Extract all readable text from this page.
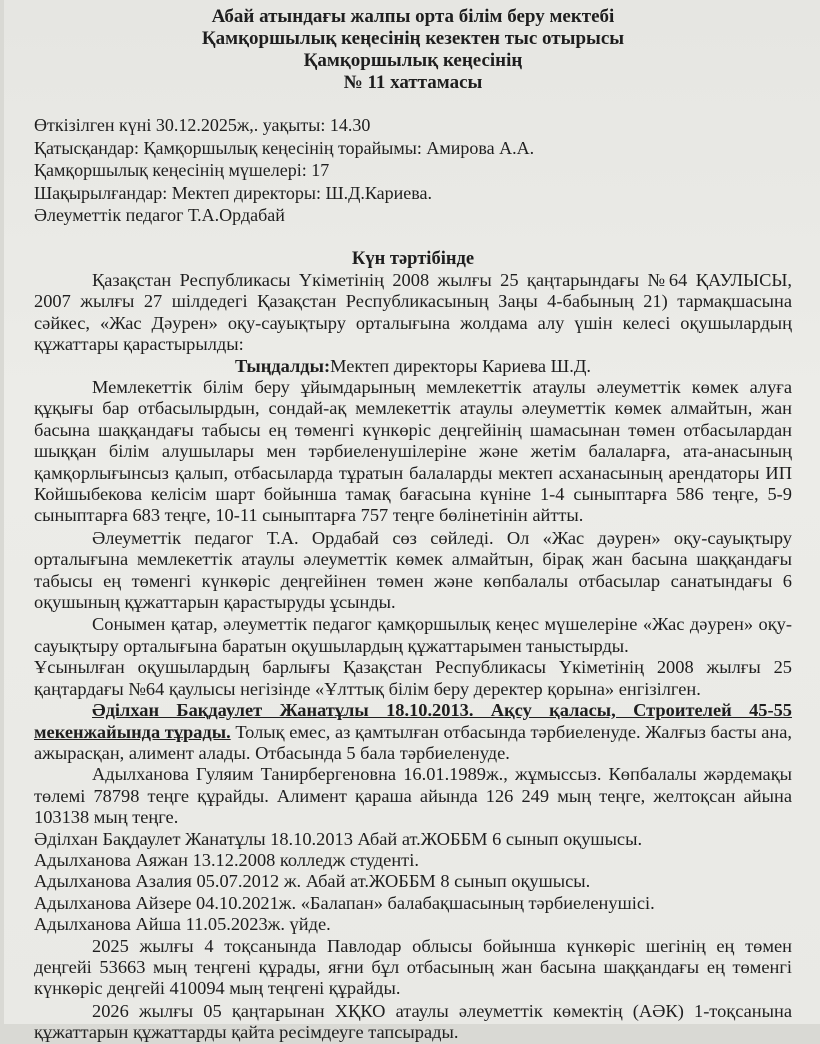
Абай атындағы жалпы орта білім беру мектебі
Қамқоршылық кеңесінің кезектен тыс отырысы
Қамқоршылық кеңесінің
№ 11 хаттамасы
Өткізілген күні 30.12.2025ж,. уақыты: 14.30
Қатысқандар: Қамқоршылық кеңесінің торайымы: Амирова А.А.
Қамқоршылық кеңесінің мүшелері: 17
Шақырылғандар: Мектеп директоры: Ш.Д.Кариева.
Әлеуметтік педагог Т.А.Ордабай
Күн тәртібінде

Қазақстан Республикасы Үкіметінің 2008 жылғы 25 қаңтарындағы №64 ҚАУЛЫСЫ, 2007 жылғы 27 шілдедегі Қазақстан Республикасының Заңы 4-бабының 21) тармақшасына сәйкес, «Жас Дәурен» оқу-сауықтыру орталығына жолдама алу үшін келесі оқушылардың құжаттары қарастырылды:

Тыңдалды:Мектеп директоры Кариева Ш.Д.

Мемлекеттік білім беру ұйымдарының мемлекеттік атаулы әлеуметтік көмек алуға құқығы бар отбасылырдын, сондай-ақ мемлекеттік атаулы әлеуметтік көмек алмайтын, жан басына шаққандағы табысы ең төменгі күнкөріс деңгейінің шамасынан төмен отбасылардан шыққан білім алушылары мен тәрбиеленушілеріне және жетім балаларға, ата-анасының қамқорлығынсыз қалып, отбасыларда тұратын балаларды мектеп асханасының арендаторы ИП Койшыбекова келісім шарт бойынша тамақ бағасына күніне 1-4 сыныптарға 586 теңге, 5-9 сыныптарға 683 теңге, 10-11 сыныптарға 757 теңге бөлінетінін айтты.

Әлеуметтік педагог Т.А. Ордабай сөз сөйледі. Ол «Жас дәурен» оқу-сауықтыру орталығына мемлекеттік атаулы әлеуметтік көмек алмайтын, бірақ жан басына шаққандағы табысы ең төменгі күнкөріс деңгейінен төмен және көпбалалы отбасылар санатындағы 6 оқушының құжаттарын қарастыруды ұсынды.

Сонымен қатар, әлеуметтік педагог қамқоршылық кеңес мүшелеріне «Жас дәурен» оқу-сауықтыру орталығына баратын оқушылардың құжаттарымен таныстырды.

Ұсынылған оқушылардың барлығы Қазақстан Республикасы Үкіметінің 2008 жылғы 25 қаңтардағы №64 қаулысы негізінде «Ұлттық білім беру деректер қорына» енгізілген.

Әділхан Бақдаулет Жанатұлы 18.10.2013. Ақсу қаласы, Строителей 45-55 мекенжайында тұрады. Толық емес, аз қамтылған отбасында тәрбиеленуде. Жалғыз басты ана, ажырасқан, алимент алады. Отбасында 5 бала тәрбиеленуде.

Адылханова Гуляим Танирбергеновна 16.01.1989ж., жұмыссыз. Көпбалалы жәрдемақы төлемі 78798 теңге құрайды. Алимент қараша айында 126 249 мың теңге, желтоқсан айына 103138 мың теңге.

Әділхан Бақдаулет Жанатұлы 18.10.2013 Абай ат.ЖОББМ 6 сынып оқушысы.
Адылханова Аяжан 13.12.2008 колледж студенті.
Адылханова Азалия 05.07.2012 ж. Абай ат.ЖОББМ 8 сынып оқушысы.
Адылханова Айзере 04.10.2021ж. «Балапан» балабақшасының тәрбиеленушісі.
Адылханова Айша 11.05.2023ж. үйде.

2025 жылғы 4 тоқсанында Павлодар облысы бойынша күнкөріс шегінің ең төмен деңгейі 53663 мың теңгені құрады, яғни бұл отбасының жан басына шаққандағы ең төменгі күнкөріс деңгейі 410094 мың теңгені құрайды.

2026 жылғы 05 қаңтарынан ХҚКО атаулы әлеуметтік көмектің (АӘК) 1-тоқсанына құжаттарын құжаттарды қайта ресімдеуге тапсырады.
